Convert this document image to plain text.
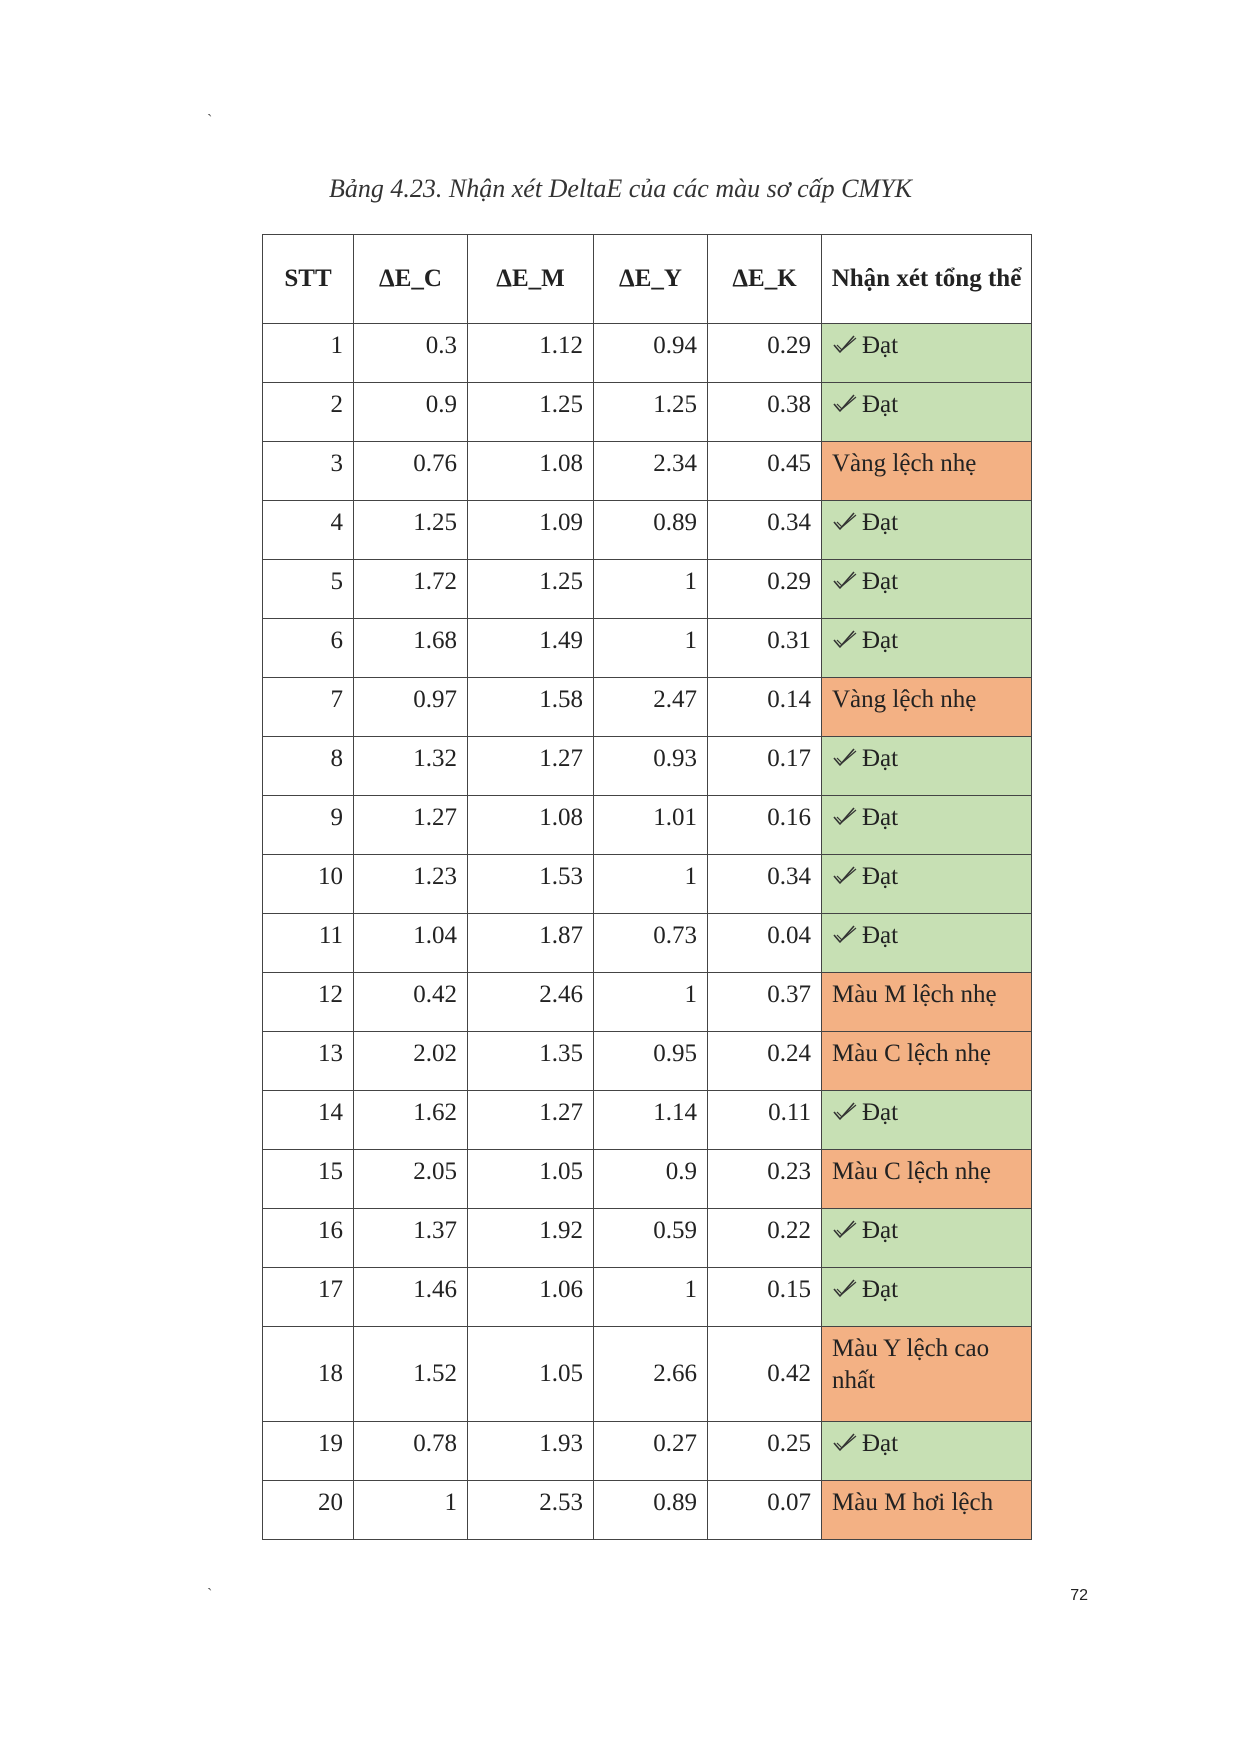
`
Bảng 4.23. Nhận xét DeltaE của các màu sơ cấp CMYK
STT	ΔE_C	ΔE_M	ΔE_Y	ΔE_K	Nhận xét tổng thể
1	0.3	1.12	0.94	0.29	Đạt
2	0.9	1.25	1.25	0.38	Đạt
3	0.76	1.08	2.34	0.45	Vàng lệch nhẹ
4	1.25	1.09	0.89	0.34	Đạt
5	1.72	1.25	1	0.29	Đạt
6	1.68	1.49	1	0.31	Đạt
7	0.97	1.58	2.47	0.14	Vàng lệch nhẹ
8	1.32	1.27	0.93	0.17	Đạt
9	1.27	1.08	1.01	0.16	Đạt
10	1.23	1.53	1	0.34	Đạt
11	1.04	1.87	0.73	0.04	Đạt
12	0.42	2.46	1	0.37	Màu M lệch nhẹ
13	2.02	1.35	0.95	0.24	Màu C lệch nhẹ
14	1.62	1.27	1.14	0.11	Đạt
15	2.05	1.05	0.9	0.23	Màu C lệch nhẹ
16	1.37	1.92	0.59	0.22	Đạt
17	1.46	1.06	1	0.15	Đạt
18	1.52	1.05	2.66	0.42	Màu Y lệch cao nhất
19	0.78	1.93	0.27	0.25	Đạt
20	1	2.53	0.89	0.07	Màu M hơi lệch
`	72
